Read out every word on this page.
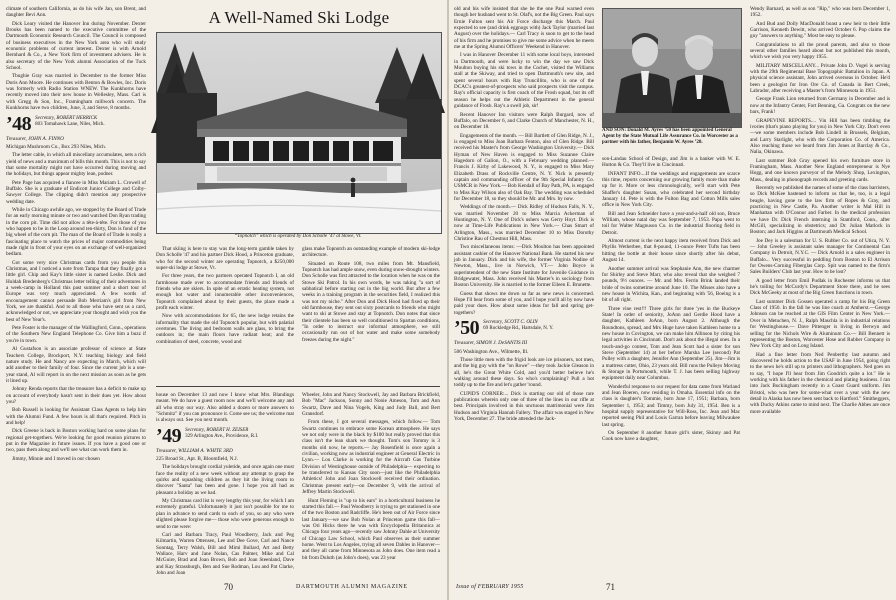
climate of southern California, as do his wife Jan, son Brent, and daughter Bevi Ann.

Dick Leary visited the Hanover Inn during November. Dexter Brooks has been named to the executive committee of the Dartmouth Economic Research Council. The Council is composed of business executives in the New York area who will study economic problems of current interest. Dexter is with Arnold Bernhard & Co., a New York firm of investment advisers. He is also secretary of the New York alumni Association of the Tuck School.

Tbughie Gray was married in December to the former Miss Doris Ann Moore. He continues with Benton & Bowles, Inc. Doris was formerly with Radio Station WNEW. The Kunkhorns have recently moved into their new house in Wellesley, Mass. Carl is with Gregg & Son, Inc., Framingham millwork concern. The Kunkhorns have two children, June, 3, and Steve, 8 months.

’48 Secretary, ROBERT HERRICK
803 Tomahawk Lane, Niles, Mich.

Treasurer, JOHN A. FINNO

Michigan Mushroom Co., Box 293 Niles, Mich.

The letter cable, in which all miscellany accumulates, nets a rich yield of news and a maximum of bills this month. This is not to say that some mortality might not have occurred during moving and the holidays, but things appear mighty lean, podner.

Pete Page has acquired a fiancee in Miss Mariam L. Crowell of Buffalo. She is a graduate of Endicott Junior College and Colby-Sawyer College. The clipping didn't mention any prospective wedding date.

While in Chicago awhile ago, we stopped by the Board of Trade for an early morning minute or two and watched Don Ryan trading in the corn pit. Time did not allow a tête-à-tête. For those of you who happen to be in the Loop around ten-thirty, Don is fond of the big wheel of the corn pit. The man of the Board of Trade is really a fascinating place to watch the prices of major commodities being made right in front of your eyes on an exchange of well-organized bedlam.

Got some very nice Christmas cards from you people this Christmas, and I noticed a note from Tampa that they finally got a little girl. Chip and Kay's little sister is named Leslie. Dick and Huldah Bredenberg's Christmas letter telling of their adventures in a week-camp in Holland this past summer and a short tour of Europe was very much appreciated. A few words of encouragement cannot persuade Bob Merriam's girl from New York, we are thankful. And to all those who have sent us a card, acknowledged or not, we appreciate your thought and wish you the best of New Year's.

Pete Foster is the manager of the Wallingford, Conn., operations of the Southern New England Telephone Co. Give him a buzz if you're in town.

Al Gustafson is an associate professor of science at State Teachers College, Brockport, N.Y. teaching biology and field nature study. He and Nancy are expecting in March, which will add another to their family of four. Since the current job is a one-year stand, Al will report in on the next mission as soon as he gets it lined up.

Johnny Renda reports that the treasurer has a deficit to make up on account of everybody hasn't sent in their dues yet. How about you?

Bob Russell is looking for Assistant Class Agents to help him with the Alumni Fund. A few hours is all that's required. Pitch in and help!

Dick Greene is back in Boston working hard on some plans for regional get-togethers. We're looking for good reunion pictures to put in the Magazine in future issues. If you have a good one or two, pass them along and we'll see what can work them in.

Jimmy, Minnie and I moved in our chosen

A Well-Named Ski Lodge
“Topnotch” which is operated by Don Scholle ’47 at Stowe, Vt.

That skiing is here to stay was the long-term gamble taken by Don Scholle '47 and his partner Dick Hood, a Princeton graduate, who for the second winter are operating Topnotch, a $250,000 super-ski lodge at Stowe, Vt.

For three years, the two partners operated Topnotch I, an old farmhouse made over to accommodate friends and friends of friends who are skiers. In spite of an erratic heating system, not enough hot water and innumerable other inconveniences, Topnotch complained about by their guests, the place made a profit each winter.

Now with accommodations for 65, the new lodge retains the informality that made the old Topnotch popular, but with palatial overtones. The living and bedroom walls are glass, to bring the outdoors in; the main floors have radiant heat; and the combination of steel, concrete, wood and

glass make Topnotch an outstanding example of modern ski-lodge architecture.

Situated on Route 108, two miles from Mt. Mansfield, Topnotch has had ample snow, even during snow-drought winters. Don Scholle was first attracted to the location when he was on the Stowe Ski Patrol. In his own words, he was taking "a sort of sabbatical before starting out in the big world. But after a few weeks in a training program in the securities field, I realized this was not my niche." After Don and Dick Hood had fixed up their old farmhouse, they sent out sixty postcards to friends who might want to ski at Stowe and stay at Topnotch. Don notes that since their clientele has been so well conditioned to Spartan conditions, "In order to instruct our informal atmosphere, we still occasionally run out of hot water and make some somebody freezes during the night."

house on December 13 and now I know what Mrs. Blandings meant. We do have a guest room now and we'll welcome any and all who stray our way. Also added a dozen or more answers to "Schmitz" if you can pronounce it. Come see us; the welcome mat is always out. See you next month.

’49 Secretary, ROBERT H. ZEISER
329 Arlington Ave., Providence, R.I.

Treasurer, WILLIAM A. WHITE 3RD

225 Broad St., Apt. B, Bloomfield, N.J.

The holidays brought cordial yuletide, and once again one must face the reality of a new week without any attempt to grasp the quirks and squashing children as they hit the living room to discover "Santa" has been and gone. I hope you all had as pleasant a holiday as we had.

My Christmas card list is very lengthy this year, for which I am extremely grateful. Unfortunately it just isn't possible for me to plan in advance to send cards to each of you, so any who were slighted please forgive me— those who were generous enough to send to me were:

Carl and Barbara Tracy, Paul Woodberry, Jack and Peg Kilmartin, Warren Ottensen, Lee and Dee Gove, Carl and Nance Sonntag, Terry Walsh, Bill and Mimi Bullard, Art and Betty Wallace, Harv and Jane Nolan, Cas Palmer, Mike and Cal McGuire, Brad and Joan Brown, Bob and Joan Steenland, Dave and Kay Strassburgh, Ben and Sue Rodman, Lou and Pat Clarke, John and Joan

Wheeler, John and Nancy Stockwell, Jay and Barbara Brickfield, Bob "Mac" Jackson, Sonny and Nonie Ameson, Tom and Ann Swartz, Dave and Nina Vogels, King and Judy Ball, and Bert Gransdorf.

From these, I got several messages, which follow.— Tom Swartz continues to embrace some Korean atmosphere. He says we not only were in the black by $100 but really proved that this class isn't the lean shark we thought. Tom's son Tommy is 3 months old now, he reports.— Jay Rosenfield is once again a civilian, working now as industrial engineer at General Electric in Lynn.— Lou Clarke is working for the Aircraft Gas Turbine Division of Westinghouse outside of Philadelphia— expecting to be transferred to Kansas City soon—just like the Philadelphia Athletics! John and Joan Stockwell received their ordination. Christmas present early—on December 9, with the arrival of Jeffrey Martin Stockwell.

Hunt Fleming is "up to his ears" in a horticultural business he started this fall.— Paul Woodberry is trying to get stationed in one of the two Boston and Radcliffe. He's been out of Air Force since last January—we saw Bob Nolan at Princeton game this fall— was Ori Hicks there he was with Encyclopedia Britannica at Chicago four years ago—recently saw Johnny Dahle at University of Chicago Law School, which Paul observes as their summer home. Went to Los Angeles, trying all seven Dahles in Hanover—and they all came from Minnesota as John does. One item read a bit from Duluth (as John's does), was 23 year

old and his wife insisted that she be the one Paul warned even though her husband went to St. Olaf's, not the Big Green. Paul says Ernie Fulton sent his Air Force discharge this March. Paul expected to see (and drink eggnogs with) Jack Taylor (married last August) over the holidays.— Carl Tracy is soon to get to the head of his firm and he promises to give me some advice when he meets me at the Spring Alumni Officers' Weekend in Hanover.

I was in Hanover December 11 with some local boys, interested in Dartmouth, and were lucky to win the day we saw Dick Moulton buying his ski tows in the Cochet, visited the Williams stall at the Skiway, and tried to open Dartmouth's new site, and spent several hours with Ray Truncillito, who is one of the DCAC's greatest-of-prospects who said prospects visit the campus. Ray's official capacity is first coach of the Frosh squad, but its off season he helps out the Athletic Department in the general guidance of Frosh. Ray's a swell job, sir!

Recent Hanover Inn visitors were Ralph Burgard, now of Buffalo, on December 6, and Clarke Church of Manchester, N. H., on December 18.

Engagements of the month. — Bill Bartlett of Glen Ridge, N. J., is engaged to Miss Joan Barbara Fenton, also of Glen Ridge. Bill received his Master's from George Washington University.— Dick Hyman of New Haven is engaged to Miss Suzanne Claire Hagedorn of Galion, O., with a February wedding planned.—Francis J. Kirby of Lakewood, N. Y., is engaged to Miss Mary Elizabeth Drass of Rockville Centre, N. Y. Nick is presently captain and commanding officer of the 9th Special Infantry Co. USMCR in New York.— Bob Kendall of Bay Path, PA, is engaged to Miss Kay Wilson also of Oak Bay. The wedding was scheduled for December 18, so they should be Mr. and Mrs. by now.

Weddings of the month.— Dick Ridley of Hudson Falls, N. Y., was married November 20 to Miss Marcia Ackerman of Huntington, N. Y. One of Dick's ushers was Gerry Hoyt. Dick is now at Time-Life Publications in New York.— Chas Smart of Arlington, Mass., was married December 10 to Miss Dorothy Christine Rau of Chestnut Hill, Mass.

Two miscellaneous items: —Dick Moulton has been appointed assistant cashier of the Hanover National Bank. He started his new job in January. Dick and his wife, the former Virginia Nodine of Newton, Mass., live in Norwich, VT.— John Boyce is superintendent of the new State Institute for Juvenile Guidance in Bridgewater, Mass. John received his Master's in sociology from Boston University. He is married to the former Eileen E. Brunette.

Guess that shows me down so far as new news is concerned. Hope I'll hear from some of you, and I hope you'll all by now have paid your dues. How about some ideas for fall and spring get-togethers?

’50 Secretary, SCOTT C. OLIN
69 Rockledge Rd., Hartsdale, N. Y.

Treasurer, SIMON J. DeSANTIS III

506 Washington Ave., Wilmette, Ill.

Those little men with the frigid look are ice prisoners, not men, and the big guy with the "on Rowe" —they took Jackie Gleason in all, he's the Great White Cold, and you'd better believe he's walking around these days. So who's complaining? Pull a hot toddy up to the fire and let's gather 'round.

CUPID'S CORNER:... Dick is starting our old of those rare publications wherein only one of three of the lines in our rifle at best. Principals involved in this unctuous matrimonial were Jim Hudson and Virginia Hannah Fallery. The affair was staged in New York, December 27. The bride attended the Jack-

AND SON: Donald M. Ayres ’50 has been appointed General Agent by the State Mutual Life Assurance Co. in Worcester as a partner with his father, Benjamin W. Ayres ’20.

son-Landau School of Design, and Jim is a banker with W. E. Hutton & Co. They'll live in Cincinnati.

INFANT INFO....If the weddings and engagements are scarce this time, reports concerning our growing family more than make up for it. More or less chronologically, we'll start with Pete Shaffer's daughter Susan, who celebrated her second birthday January 14. Pete is with the Fulton Bag and Cotton Mills sales office in New York City.

Bill and Jean Schneider have a year-and-a-half old son, Bruce William, whose natal day was September 7, 1953. Papa went to toil for Walter Magnuson Co. in the industrial flooring field in Detroit.

Almost current is the next happy item received from Dick and Phyllis Wetherbee, that 8-pound, 11-ounce Peter Tufts has been hitting the bottle at their house since shortly after his debut, August 14.

Another summer arrival was Stephanie Ann, the new charmer for Shirley and Steve Marr, who also reveal that she weighed 7 pounds, 9½ ounces. — Mr. and Mrs. Ferrin Brink landed their bride of twins sometime around June 10. The Misses also have a new house in Wichita, Kan., and beginning with '56, Boeing is a bit of all right.

Three vine rest!!! Three girls for three 'yes in the Buckeye State! In order of seniority, JoAnn and Gerdie Hood have a daughter, Kathleen JoAnn, born August 2. Although the Roundtons, spread, and Mrs Huge have taken Kathleen home to a new house in Covington, we can make him Allinson by citing his legal activities in Cincinnati. Don't ask about the illegal ones. In a touch-and-go contest, Tom and Jean Scott had a sister for son Steve (September 14) at her before Marsha Lee (second) Pat Pulley with a daughter, Jennifer Ann (September 25). Jim—Jim is a mattress cutter, Ohio, 23 years old. Bill runs the Pulleys Moving & Storage in Portsmouth, while T. J. has been selling highway equipment daily near Columbus.

Wonderful response to our request for data came from Warland and Jean Boeren, now residing in Omaha. Essential info on the class is daughter's Tommie, born June 17, 1951; Barbara, born September 1, 1953; and Timmy, born July 31, 1954. Ben is a hospital supply representative for Will-Ross, Inc. Jean and Mac reported seeing Phil and Louis Garran before leaving Milwaukee last spring.

On September 8 another future girl's sister, Skinny and Pat Cook now have a daughter,

Wendy Barnard, as well as son "Rip," who was born December 1, 1952.

And Bud and Dolly MacDonald boast a new heir to their little Garrison, Kenneth Dewitt, who arrived October 6. Pop claims the guy "answers to anything." Most be easy to please.

Congratulations to all the proud parents, and also to those several other families heard about but not published this month, which we wish you very happy 1955.

MILITARY MISCELLANY... Private John D. Vogel is serving with the 29th Regimental Base Topographic Battalion in Japan. A physical science assistant, John arrived overseas in October. He'd been a geologist for Iron Ore Co. of Canada in Bert Creek, Labrador, after receiving a Master's from Minnesota in 1951.

George Frank Lion returned from Germany in December and is now at the Infantry Center, Fort Benning, Ga. Congrats on the new bars, Frank!

GRAPEVINE REPORTS.... Vin Hill has been timbling the ivories (that's piano playing for you) in New York City. Don't even—we some members include Bob Lindell in Brussels, Belgium, and Larry Starlight, who with the Corporation Co. of America. Also reaching those we heard from Jim Jones at Barclay & Co., Nalia, Okinawa.

Last summer Bob Gray opened his own furniture store in Framingham, Mass. Another New England entrepreneur is Nye Hogg, and one known purveyor of the Melody Shop, Lexington, Mass., dealing in phonograph records and greeting cards.

Recently we published the names of some of the class barristers, so Dick McKee hastened to inform us that he, too, is a legal beagle, having gone to the law firm of Ropes & Gray, and practicing in New Castle, Pa. Another writer is Mal Hill in Manhattan with O'Connor and Farber. In the medical profession we have Dr. Dick French interning in Stamford, Conn., after McGill, specializing in obstetrics; and Dr. Julian Matlock in Boston; and Jack Higgins at Dartmouth Medical School.

Joe Dey is a salesman for U. S. Rubber Co. out of Utica, N. Y. — John Greeley is assistant sales manager for Continental Can Company in Detroit, N.Y.C. — Dick Arnold is a sales engineer in Buffalo... Very successful in peddling from Boston to El Arrison for Owens-Corning Fiberglas Corp. Spit was named to the firm's Sales Builders' Club last year. How to be lost?

A good letter from Emil Pudlak in Rochester informs us that he's toiling for McCurdy's Department Store there, and he sees Dick McGeeky at most of the Big Green functions in town.

Last summer Dick Gossen operated a camp for his Big Green Class of 1950. In the fall he was line coach at Amherst.—George Johnson can be reached at the GIS Film Center in New York.—Over in Metuchen, N. J., Ralph Maschla is in industrial relations for Westinghouse.— Dave Pittenger is living in Berwyn and selling for the Nichols Wire & Aluminum Co.— Bill Bennett is representing the Boston, Worcester Hose and Rubber Company in New York City and on Long Island.

Had a fine letter from Ned Penberthy last autumn and discovered he holds action to the USAF in June 1954, going right to the news he's still up to printers and lithographers. Ned goes on to say, "I hope I'll hear from Jim Goodrich quite a lot." He is working with his father in the chemical and plating business. I ran into Jack Buckingham recently in a Coast Guard uniform. Jim Bristol, who was here for some-what over a year with the new detail in Alaska has now been sent back to Hartford.” Smitheggers, with Ducky Atkins came to mind next. The Charlie Abbes are once more available

70	DARTMOUTH ALUMNI MAGAZINE	Issue of FEBRUARY 1955	71
